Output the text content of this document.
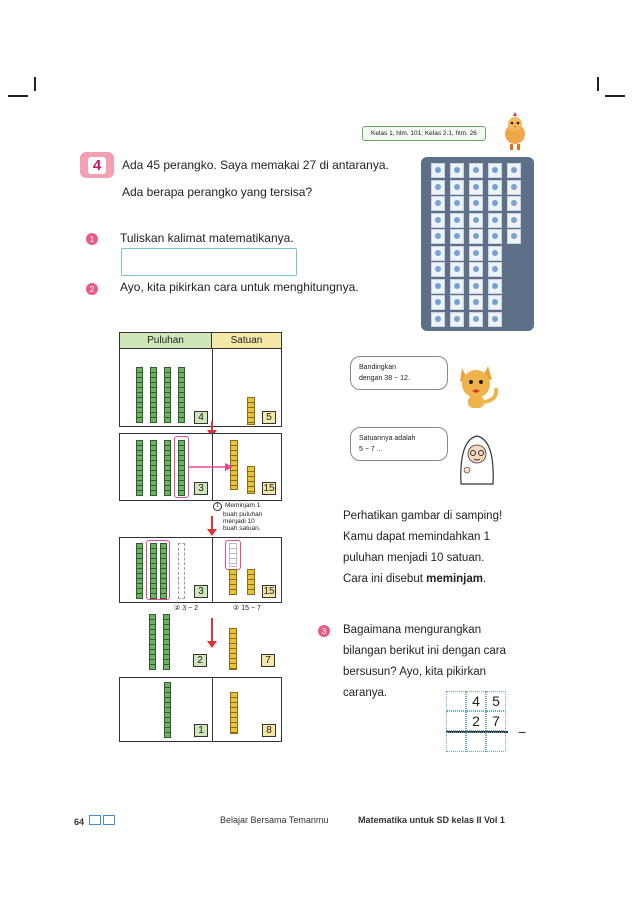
Kelas 1, hlm. 101; Kelas 2.1, hlm. 26
4	Ada 45 perangko. Saya memakai 27 di antaranya.
Ada berapa perangko yang tersisa?
1	Tuliskan kalimat matematikanya.
2	Ayo, kita pikirkan cara untuk menghitungnya.
Puluhan	Satuan
4	5
3	15
1 Meminjam 1
buah puluhan
menjadi 10
buah satuan.
3	15
② 3 − 2	② 15 − 7
2	7
1	8
Bandingkan
dengan 38 − 12.
Satuannya adalah
5 − 7 ...
Perhatikan gambar di samping!
Kamu dapat memindahkan 1
puluhan menjadi 10 satuan.
Cara ini disebut meminjam.
3	Bagaimana mengurangkan
bilangan berikut ini dengan cara
bersusun? Ayo, kita pikirkan
caranya.	4 5
2 7
−
64	Belajar Bersama Temanmu	Matematika untuk SD kelas II Vol 1
